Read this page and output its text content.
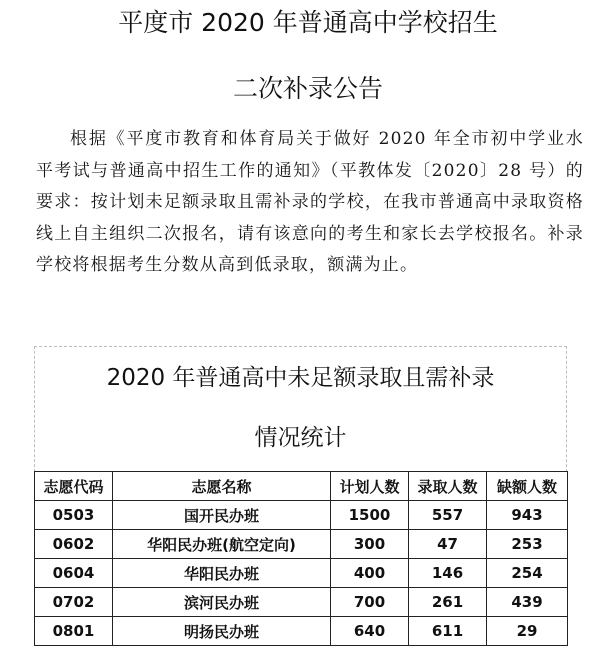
平度市 2020 年普通高中学校招生
二次补录公告
根据《平度市教育和体育局关于做好 2020 年全市初中学业水平考试与普通高中招生工作的通知》（平教体发〔2020〕28 号）的要求：按计划未足额录取且需补录的学校，在我市普通高中录取资格线上自主组织二次报名，请有该意向的考生和家长去学校报名。补录学校将根据考生分数从高到低录取，额满为止。
2020 年普通高中未足额录取且需补录
情况统计
志愿代码	志愿名称	计划人数	录取人数	缺额人数
0503	国开民办班	1500	557	943
0602	华阳民办班(航空定向)	300	47	253
0604	华阳民办班	400	146	254
0702	滨河民办班	700	261	439
0801	明扬民办班	640	611	29
